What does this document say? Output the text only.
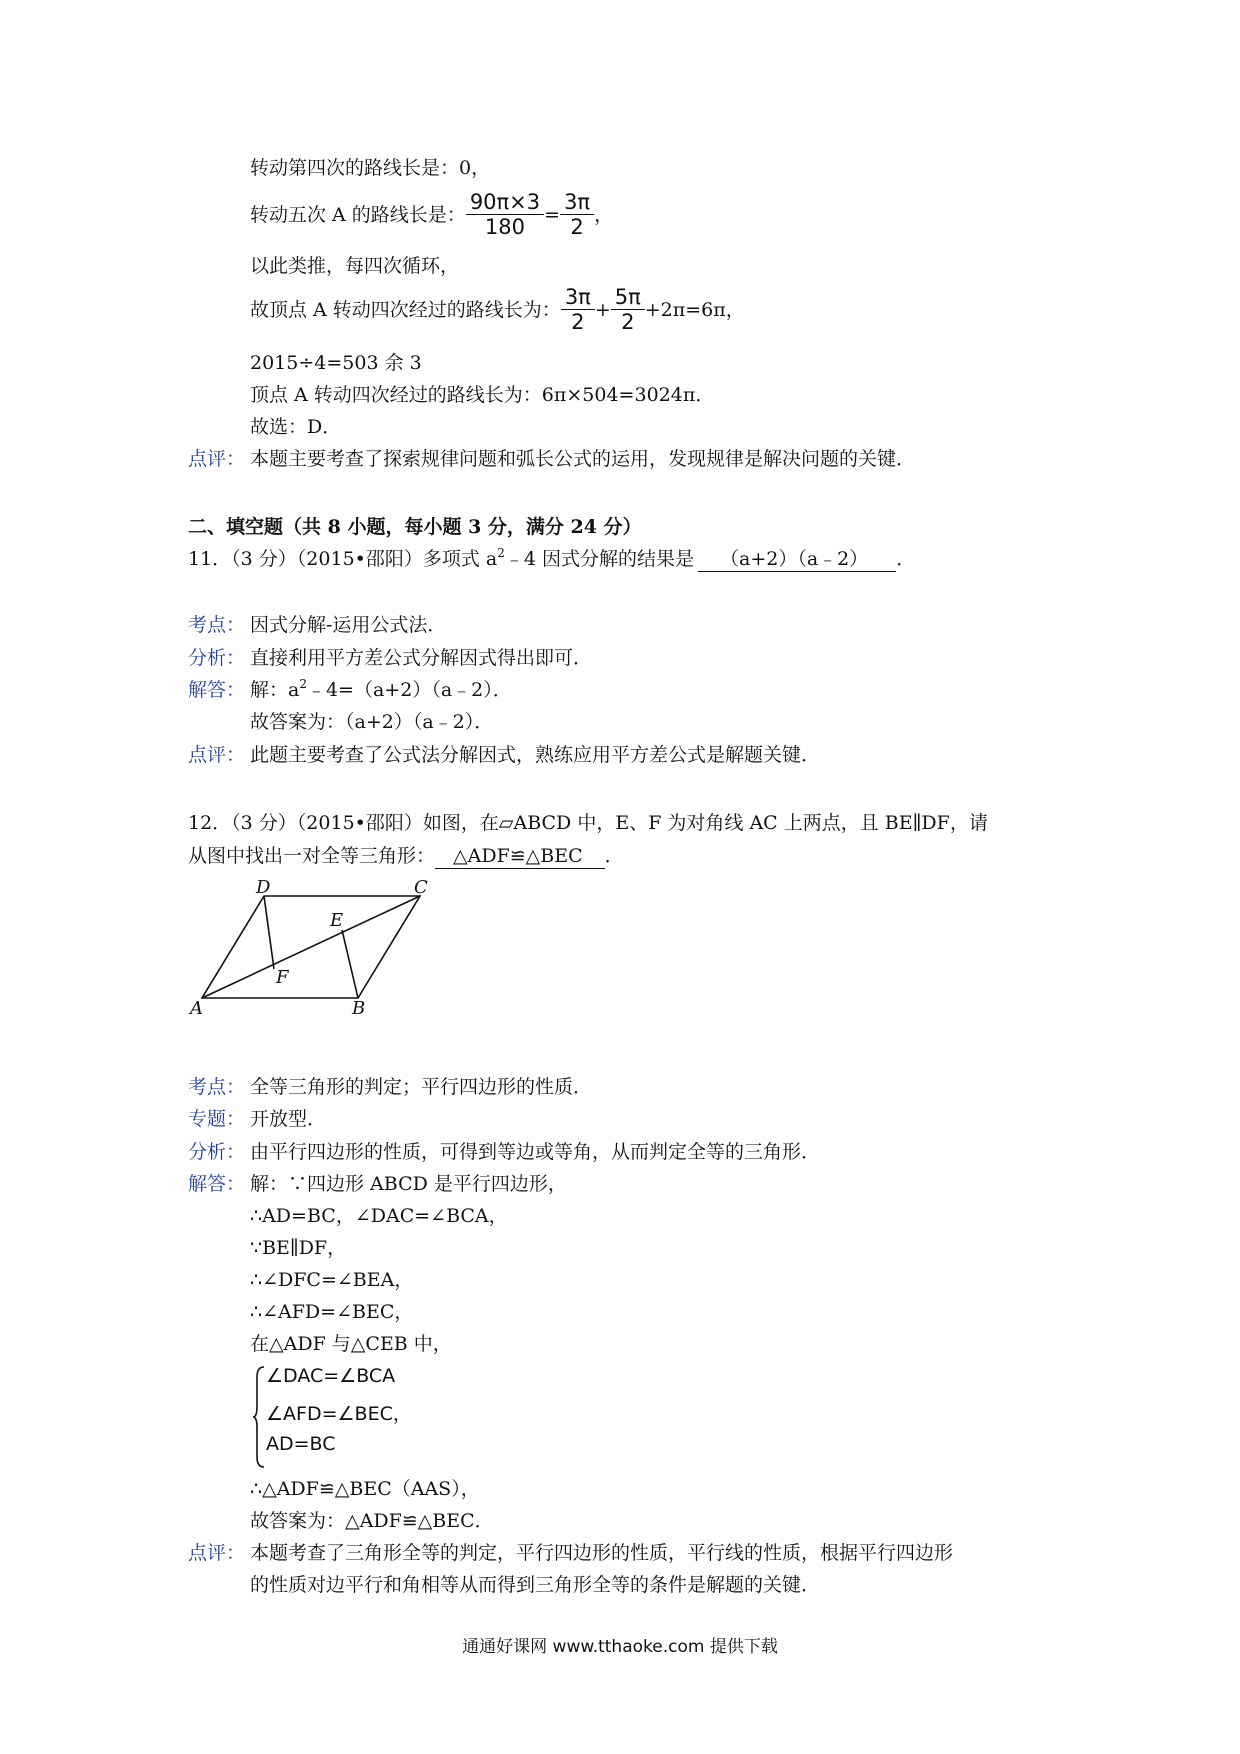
转动第四次的路线长是：0，
转动五次 A 的路线长是： $\frac{90\pi\times 3}{180} = \frac{3\pi}{2}$ ，
以此类推，每四次循环，
故顶点 A 转动四次经过的路线长为： $\frac{3\pi}{2} + \frac{5\pi}{2} +2\pi=6\pi$，
2015÷4=503 余 3
顶点 A 转动四次经过的路线长为：6π×504=3024π．
故选：D．
点评： 本题主要考查了探索规律问题和弧长公式的运用，发现规律是解决问题的关键．
二、填空题（共 8 小题，每小题 3 分，满分 24 分）
11．（3 分）（2015•邵阳）多项式 $a^2﹣4$ 因式分解的结果是 （a+2）（a﹣2） ．
考点： 因式分解-运用公式法．
分析： 直接利用平方差公式分解因式得出即可．
解答： 解：$a^2﹣4=(a+2)(a﹣2)$．
故答案为：（a+2）（a﹣2）．
点评： 此题主要考查了公式法分解因式，熟练应用平方差公式是解题关键．
12．（3 分）（2015•邵阳）如图，在▱ABCD 中，E、F 为对角线 AC 上两点，且 BE∥DF，请
从图中找出一对全等三角形： △ADF≌△BEC ．
A	B
C
D
E
F
考点： 全等三角形的判定；平行四边形的性质．
专题： 开放型．
分析： 由平行四边形的性质，可得到等边或等角，从而判定全等的三角形．
解答： 解：∵四边形 ABCD 是平行四边形，
∴AD=BC，∠DAC=∠BCA，
∵BE∥DF，
∴∠DFC=∠BEA，
∴∠AFD=∠BEC，
在△ADF 与△CEB 中，
∠DAC=∠BCA
∠AFD=∠BEC，
AD=BC
∴△ADF≌△BEC（AAS），
故答案为：△ADF≌△BEC．
点评： 本题考查了三角形全等的判定，平行四边形的性质，平行线的性质，根据平行四边形
的性质对边平行和角相等从而得到三角形全等的条件是解题的关键．
通通好课网 www.tthaoke.com 提供下载
